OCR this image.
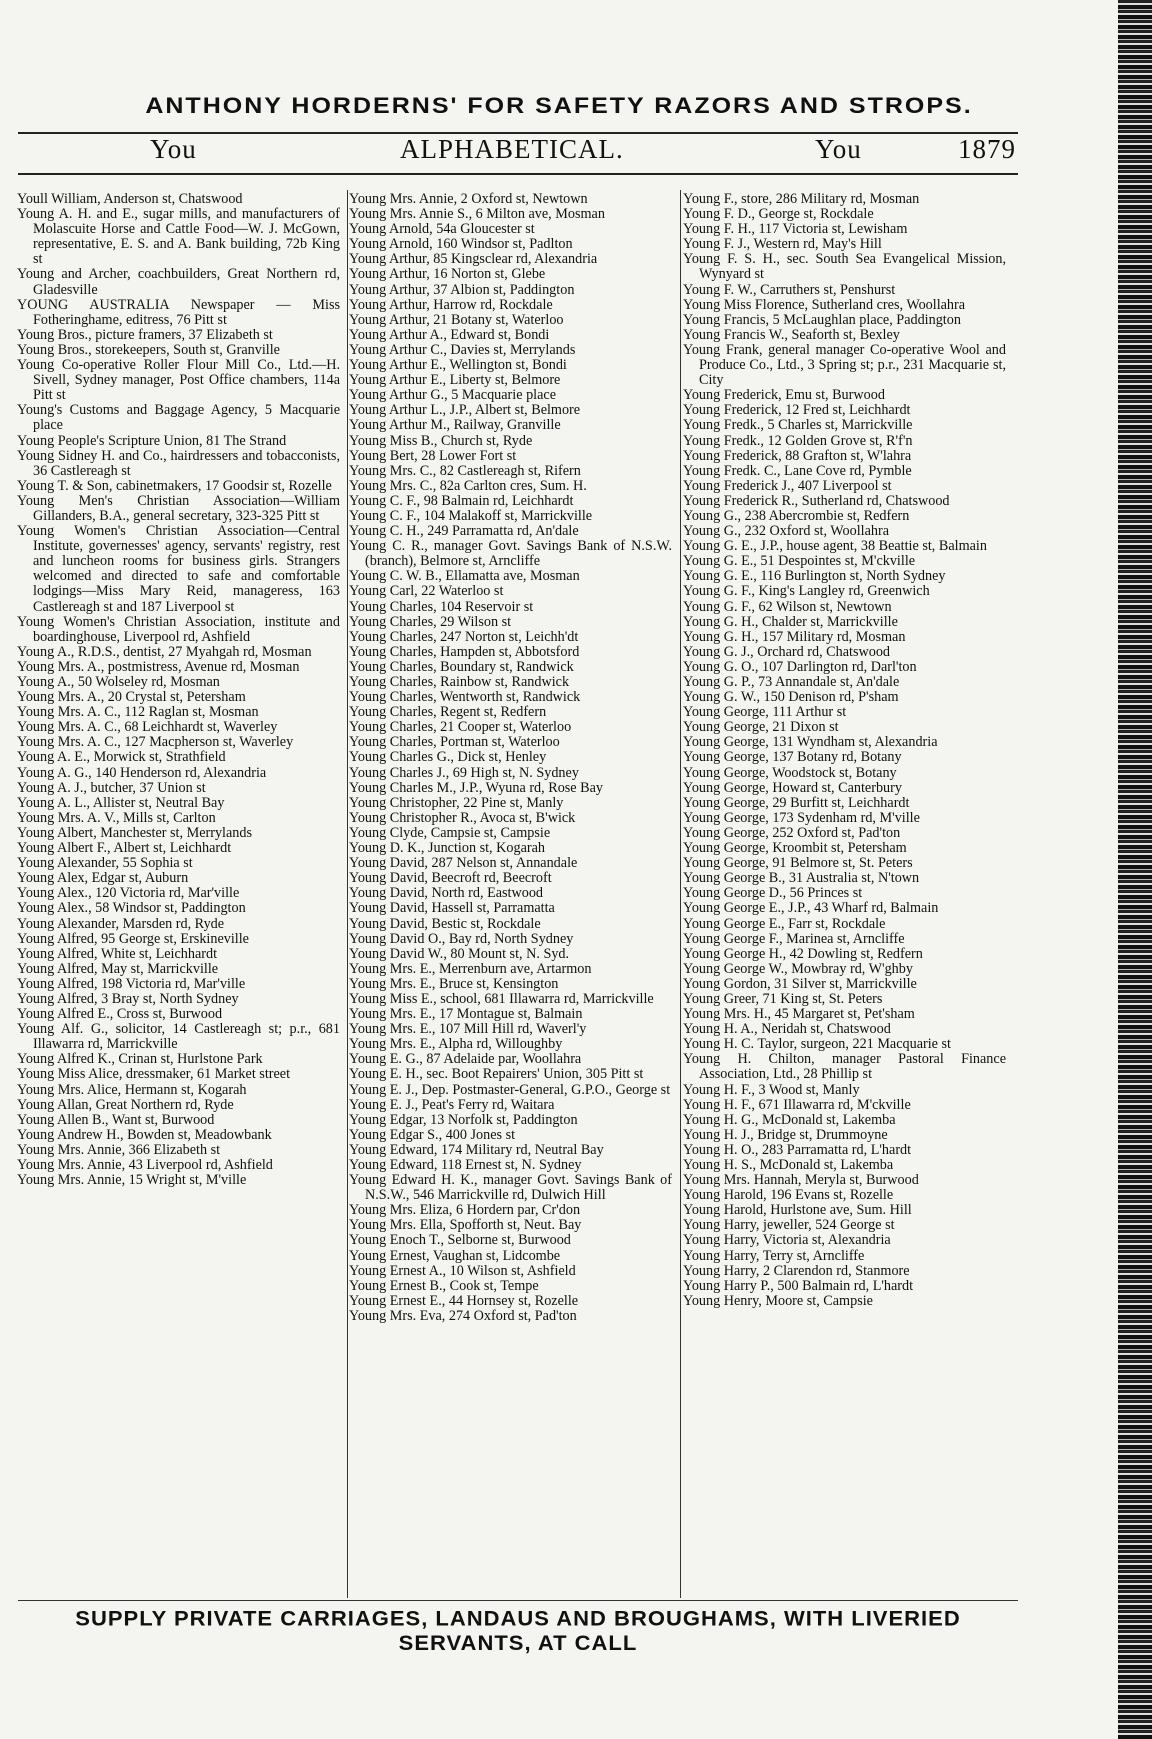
ANTHONY HORDERNS' FOR SAFETY RAZORS AND STROPS.
You	ALPHABETICAL.	You	1879
Youll William, Anderson st, Chatswood
Young A. H. and E., sugar mills, and manufacturers of Molascuite Horse and Cattle Food—W. J. McGown, representative, E. S. and A. Bank building, 72b King st
Young and Archer, coachbuilders, Great Northern rd, Gladesville
YOUNG AUSTRALIA Newspaper — Miss Fotheringhame, editress, 76 Pitt st
Young Bros., picture framers, 37 Elizabeth st
Young Bros., storekeepers, South st, Granville
Young Co-operative Roller Flour Mill Co., Ltd.—H. Sivell, Sydney manager, Post Office chambers, 114a Pitt st
Young's Customs and Baggage Agency, 5 Macquarie place
Young People's Scripture Union, 81 The Strand
Young Sidney H. and Co., hairdressers and tobacconists, 36 Castlereagh st
Young T. & Son, cabinetmakers, 17 Goodsir st, Rozelle
Young Men's Christian Association—William Gillanders, B.A., general secretary, 323-325 Pitt st
Young Women's Christian Association—Central Institute, governesses' agency, servants' registry, rest and luncheon rooms for business girls. Strangers welcomed and directed to safe and comfortable lodgings—Miss Mary Reid, manageress, 163 Castlereagh st and 187 Liverpool st
Young Women's Christian Association, institute and boardinghouse, Liverpool rd, Ashfield
Young A., R.D.S., dentist, 27 Myahgah rd, Mosman
Young Mrs. A., postmistress, Avenue rd, Mosman
Young A., 50 Wolseley rd, Mosman
Young Mrs. A., 20 Crystal st, Petersham
Young Mrs. A. C., 112 Raglan st, Mosman
Young Mrs. A. C., 68 Leichhardt st, Waverley
Young Mrs. A. C., 127 Macpherson st, Waverley
Young A. E., Morwick st, Strathfield
Young A. G., 140 Henderson rd, Alexandria
Young A. J., butcher, 37 Union st
Young A. L., Allister st, Neutral Bay
Young Mrs. A. V., Mills st, Carlton
Young Albert, Manchester st, Merrylands
Young Albert F., Albert st, Leichhardt
Young Alexander, 55 Sophia st
Young Alex, Edgar st, Auburn
Young Alex., 120 Victoria rd, Mar'ville
Young Alex., 58 Windsor st, Paddington
Young Alexander, Marsden rd, Ryde
Young Alfred, 95 George st, Erskineville
Young Alfred, White st, Leichhardt
Young Alfred, May st, Marrickville
Young Alfred, 198 Victoria rd, Mar'ville
Young Alfred, 3 Bray st, North Sydney
Young Alfred E., Cross st, Burwood
Young Alf. G., solicitor, 14 Castlereagh st; p.r., 681 Illawarra rd, Marrickville
Young Alfred K., Crinan st, Hurlstone Park
Young Miss Alice, dressmaker, 61 Market street
Young Mrs. Alice, Hermann st, Kogarah
Young Allan, Great Northern rd, Ryde
Young Allen B., Want st, Burwood
Young Andrew H., Bowden st, Meadowbank
Young Mrs. Annie, 366 Elizabeth st
Young Mrs. Annie, 43 Liverpool rd, Ashfield
Young Mrs. Annie, 15 Wright st, M'ville
Young Mrs. Annie, 2 Oxford st, Newtown
Young Mrs. Annie S., 6 Milton ave, Mosman
Young Arnold, 54a Gloucester st
Young Arnold, 160 Windsor st, Padlton
Young Arthur, 85 Kingsclear rd, Alexandria
Young Arthur, 16 Norton st, Glebe
Young Arthur, 37 Albion st, Paddington
Young Arthur, Harrow rd, Rockdale
Young Arthur, 21 Botany st, Waterloo
Young Arthur A., Edward st, Bondi
Young Arthur C., Davies st, Merrylands
Young Arthur E., Wellington st, Bondi
Young Arthur E., Liberty st, Belmore
Young Arthur G., 5 Macquarie place
Young Arthur L., J.P., Albert st, Belmore
Young Arthur M., Railway, Granville
Young Miss B., Church st, Ryde
Young Bert, 28 Lower Fort st
Young Mrs. C., 82 Castlereagh st, Rifern
Young Mrs. C., 82a Carlton cres, Sum. H.
Young C. F., 98 Balmain rd, Leichhardt
Young C. F., 104 Malakoff st, Marrickville
Young C. H., 249 Parramatta rd, An'dale
Young C. R., manager Govt. Savings Bank of N.S.W. (branch), Belmore st, Arncliffe
Young C. W. B., Ellamatta ave, Mosman
Young Carl, 22 Waterloo st
Young Charles, 104 Reservoir st
Young Charles, 29 Wilson st
Young Charles, 247 Norton st, Leichh'dt
Young Charles, Hampden st, Abbotsford
Young Charles, Boundary st, Randwick
Young Charles, Rainbow st, Randwick
Young Charles, Wentworth st, Randwick
Young Charles, Regent st, Redfern
Young Charles, 21 Cooper st, Waterloo
Young Charles, Portman st, Waterloo
Young Charles G., Dick st, Henley
Young Charles J., 69 High st, N. Sydney
Young Charles M., J.P., Wyuna rd, Rose Bay
Young Christopher, 22 Pine st, Manly
Young Christopher R., Avoca st, B'wick
Young Clyde, Campsie st, Campsie
Young D. K., Junction st, Kogarah
Young David, 287 Nelson st, Annandale
Young David, Beecroft rd, Beecroft
Young David, North rd, Eastwood
Young David, Hassell st, Parramatta
Young David, Bestic st, Rockdale
Young David O., Bay rd, North Sydney
Young David W., 80 Mount st, N. Syd.
Young Mrs. E., Merrenburn ave, Artarmon
Young Mrs. E., Bruce st, Kensington
Young Miss E., school, 681 Illawarra rd, Marrickville
Young Mrs. E., 17 Montague st, Balmain
Young Mrs. E., 107 Mill Hill rd, Waverl'y
Young Mrs. E., Alpha rd, Willoughby
Young E. G., 87 Adelaide par, Woollahra
Young E. H., sec. Boot Repairers' Union, 305 Pitt st
Young E. J., Dep. Postmaster-General, G.P.O., George st
Young E. J., Peat's Ferry rd, Waitara
Young Edgar, 13 Norfolk st, Paddington
Young Edgar S., 400 Jones st
Young Edward, 174 Military rd, Neutral Bay
Young Edward, 118 Ernest st, N. Sydney
Young Edward H. K., manager Govt. Savings Bank of N.S.W., 546 Marrickville rd, Dulwich Hill
Young Mrs. Eliza, 6 Hordern par, Cr'don
Young Mrs. Ella, Spofforth st, Neut. Bay
Young Enoch T., Selborne st, Burwood
Young Ernest, Vaughan st, Lidcombe
Young Ernest A., 10 Wilson st, Ashfield
Young Ernest B., Cook st, Tempe
Young Ernest E., 44 Hornsey st, Rozelle
Young Mrs. Eva, 274 Oxford st, Pad'ton
Young F., store, 286 Military rd, Mosman
Young F. D., George st, Rockdale
Young F. H., 117 Victoria st, Lewisham
Young F. J., Western rd, May's Hill
Young F. S. H., sec. South Sea Evangelical Mission, Wynyard st
Young F. W., Carruthers st, Penshurst
Young Miss Florence, Sutherland cres, Woollahra
Young Francis, 5 McLaughlan place, Paddington
Young Francis W., Seaforth st, Bexley
Young Frank, general manager Co-operative Wool and Produce Co., Ltd., 3 Spring st; p.r., 231 Macquarie st, City
Young Frederick, Emu st, Burwood
Young Frederick, 12 Fred st, Leichhardt
Young Fredk., 5 Charles st, Marrickville
Young Fredk., 12 Golden Grove st, R'f'n
Young Frederick, 88 Grafton st, W'lahra
Young Fredk. C., Lane Cove rd, Pymble
Young Frederick J., 407 Liverpool st
Young Frederick R., Sutherland rd, Chatswood
Young G., 238 Abercrombie st, Redfern
Young G., 232 Oxford st, Woollahra
Young G. E., J.P., house agent, 38 Beattie st, Balmain
Young G. E., 51 Despointes st, M'ckville
Young G. E., 116 Burlington st, North Sydney
Young G. F., King's Langley rd, Greenwich
Young G. F., 62 Wilson st, Newtown
Young G. H., Chalder st, Marrickville
Young G. H., 157 Military rd, Mosman
Young G. J., Orchard rd, Chatswood
Young G. O., 107 Darlington rd, Darl'ton
Young G. P., 73 Annandale st, An'dale
Young G. W., 150 Denison rd, P'sham
Young George, 111 Arthur st
Young George, 21 Dixon st
Young George, 131 Wyndham st, Alexandria
Young George, 137 Botany rd, Botany
Young George, Woodstock st, Botany
Young George, Howard st, Canterbury
Young George, 29 Burfitt st, Leichhardt
Young George, 173 Sydenham rd, M'ville
Young George, 252 Oxford st, Pad'ton
Young George, Kroombit st, Petersham
Young George, 91 Belmore st, St. Peters
Young George B., 31 Australia st, N'town
Young George D., 56 Princes st
Young George E., J.P., 43 Wharf rd, Balmain
Young George E., Farr st, Rockdale
Young George F., Marinea st, Arncliffe
Young George H., 42 Dowling st, Redfern
Young George W., Mowbray rd, W'ghby
Young Gordon, 31 Silver st, Marrickville
Young Greer, 71 King st, St. Peters
Young Mrs. H., 45 Margaret st, Pet'sham
Young H. A., Neridah st, Chatswood
Young H. C. Taylor, surgeon, 221 Macquarie st
Young H. Chilton, manager Pastoral Finance Association, Ltd., 28 Phillip st
Young H. F., 3 Wood st, Manly
Young H. F., 671 Illawarra rd, M'ckville
Young H. G., McDonald st, Lakemba
Young H. J., Bridge st, Drummoyne
Young H. O., 283 Parramatta rd, L'hardt
Young H. S., McDonald st, Lakemba
Young Mrs. Hannah, Meryla st, Burwood
Young Harold, 196 Evans st, Rozelle
Young Harold, Hurlstone ave, Sum. Hill
Young Harry, jeweller, 524 George st
Young Harry, Victoria st, Alexandria
Young Harry, Terry st, Arncliffe
Young Harry, 2 Clarendon rd, Stanmore
Young Harry P., 500 Balmain rd, L'hardt
Young Henry, Moore st, Campsie
SUPPLY PRIVATE CARRIAGES, LANDAUS AND BROUGHAMS, WITH LIVERIED SERVANTS, AT CALL
